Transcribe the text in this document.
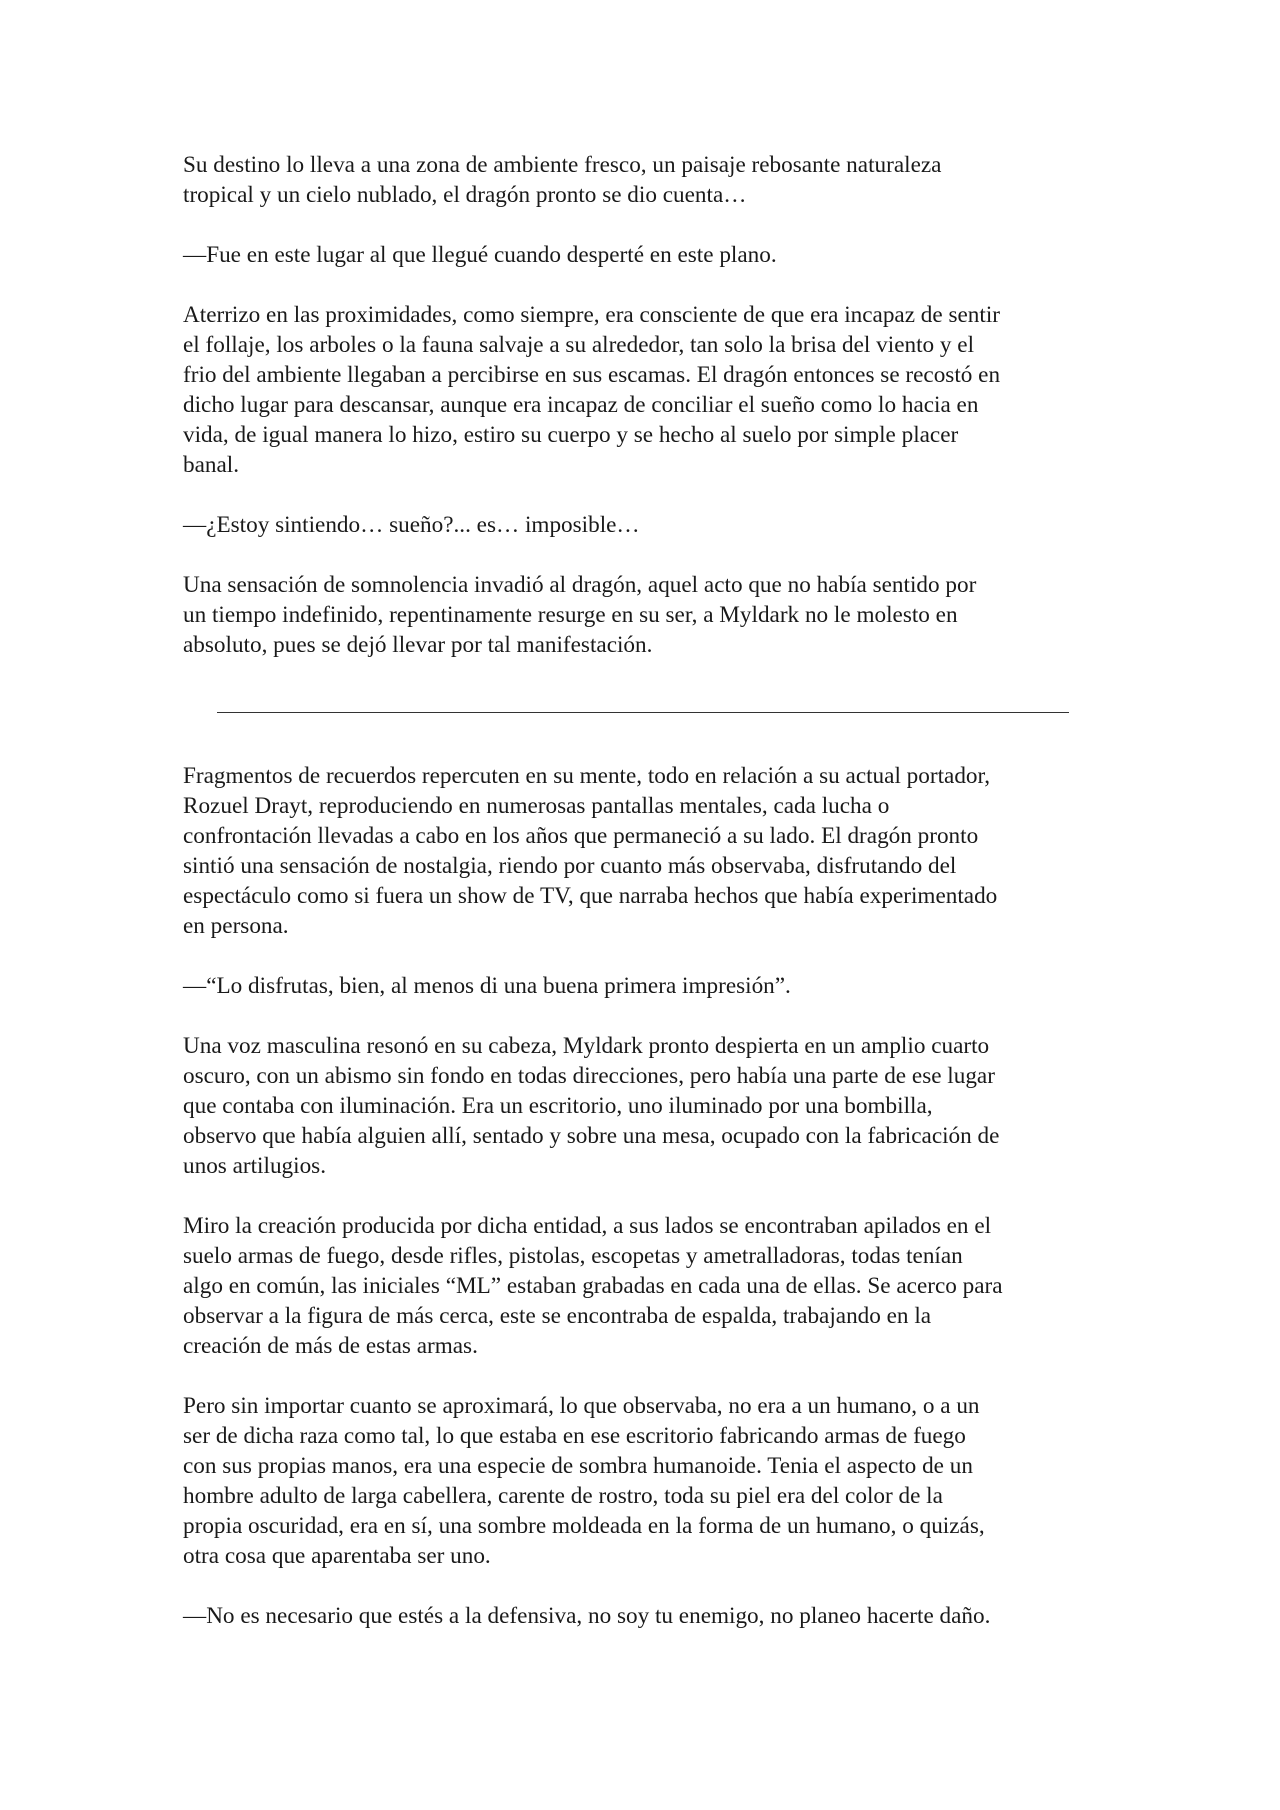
Su destino lo lleva a una zona de ambiente fresco, un paisaje rebosante naturaleza
tropical y un cielo nublado, el dragón pronto se dio cuenta…

—Fue en este lugar al que llegué cuando desperté en este plano.

Aterrizo en las proximidades, como siempre, era consciente de que era incapaz de sentir
el follaje, los arboles o la fauna salvaje a su alrededor, tan solo la brisa del viento y el
frio del ambiente llegaban a percibirse en sus escamas. El dragón entonces se recostó en
dicho lugar para descansar, aunque era incapaz de conciliar el sueño como lo hacia en
vida, de igual manera lo hizo, estiro su cuerpo y se hecho al suelo por simple placer
banal.

—¿Estoy sintiendo… sueño?... es… imposible…

Una sensación de somnolencia invadió al dragón, aquel acto que no había sentido por
un tiempo indefinido, repentinamente resurge en su ser, a Myldark no le molesto en
absoluto, pues se dejó llevar por tal manifestación.

Fragmentos de recuerdos repercuten en su mente, todo en relación a su actual portador,
Rozuel Drayt, reproduciendo en numerosas pantallas mentales, cada lucha o
confrontación llevadas a cabo en los años que permaneció a su lado. El dragón pronto
sintió una sensación de nostalgia, riendo por cuanto más observaba, disfrutando del
espectáculo como si fuera un show de TV, que narraba hechos que había experimentado
en persona.

—“Lo disfrutas, bien, al menos di una buena primera impresión”.

Una voz masculina resonó en su cabeza, Myldark pronto despierta en un amplio cuarto
oscuro, con un abismo sin fondo en todas direcciones, pero había una parte de ese lugar
que contaba con iluminación. Era un escritorio, uno iluminado por una bombilla,
observo que había alguien allí, sentado y sobre una mesa, ocupado con la fabricación de
unos artilugios.

Miro la creación producida por dicha entidad, a sus lados se encontraban apilados en el
suelo armas de fuego, desde rifles, pistolas, escopetas y ametralladoras, todas tenían
algo en común, las iniciales “ML” estaban grabadas en cada una de ellas. Se acerco para
observar a la figura de más cerca, este se encontraba de espalda, trabajando en la
creación de más de estas armas.

Pero sin importar cuanto se aproximará, lo que observaba, no era a un humano, o a un
ser de dicha raza como tal, lo que estaba en ese escritorio fabricando armas de fuego
con sus propias manos, era una especie de sombra humanoide. Tenia el aspecto de un
hombre adulto de larga cabellera, carente de rostro, toda su piel era del color de la
propia oscuridad, era en sí, una sombre moldeada en la forma de un humano, o quizás,
otra cosa que aparentaba ser uno.

—No es necesario que estés a la defensiva, no soy tu enemigo, no planeo hacerte daño.
